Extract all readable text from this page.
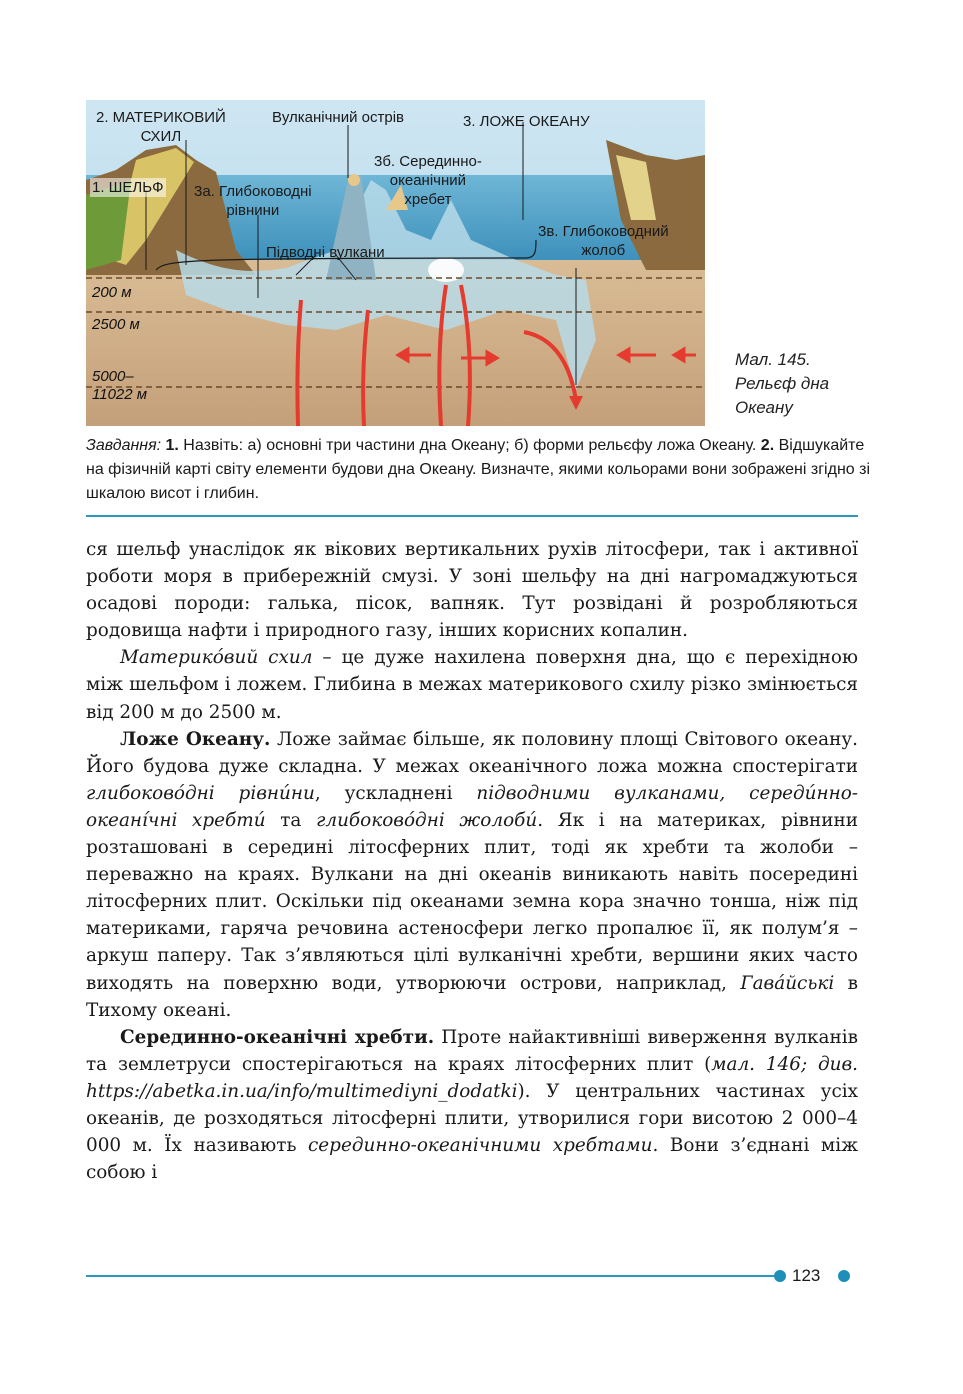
2. МАТЕРИКОВИЙ
СХИЛ
Вулканічний острів	3. ЛОЖЕ ОКЕАНУ
3б. Серединно-
океанічний
хребет
1. ШЕЛЬФ 3а. Глибоководні
рівнини
3в. Глибоководний
жолоб
Підводні вулкани
200 м
2500 м
5000–
11022 м
Мал. 145.
Рельєф дна
Океану
Завдання: 1. Назвіть: а) основні три частини дна Океану; б) форми рельєфу ложа Океану. 2. Відшукайте на фізичній карті світу елементи будови дна Океану. Визначте, якими кольорами вони зображені згідно зі шкалою висот і глибин.

ся шельф унаслідок як вікових вертикальних рухів літосфери, так і активної роботи моря в прибережній смузі. У зоні шельфу на дні нагромаджуються осадові породи: галька, пісок, вапняк. Тут розвідані й розробляються родовища нафти і природного газу, інших корисних копалин.

Материко́вий схил – це дуже нахилена поверхня дна, що є перехідною між шельфом і ложем. Глибина в межах материкового схилу різко змінюється від 200 м до 2500 м.

Ложе Океану. Ложе займає більше, як половину площі Світового океану. Його будова дуже складна. У межах океанічного ложа можна спостерігати глибоково́дні рівни́ни, ускладнені підводними вулканами, середи́нно-океані́чні хребти́ та глибоково́дні жолоби́. Як і на материках, рівнини розташовані в середині літосферних плит, тоді як хребти та жолоби – переважно на краях. Вулкани на дні океанів виникають навіть посередині літосферних плит. Оскільки під океанами земна кора значно тонша, ніж під материками, гаряча речовина астеносфери легко пропалює її, як полум’я – аркуш паперу. Так з’являються цілі вулканічні хребти, вершини яких часто виходять на поверхню води, утворюючи острови, наприклад, Гава́йські в Тихому океані.

Серединно-океанічні хребти. Проте найактивніші виверження вулканів та землетруси спостерігаються на краях літосферних плит (мал. 146; див. https://abetka.in.ua/info/multimediyni_dodatki). У центральних частинах усіх океанів, де розходяться літосферні плити, утворилися гори висотою 2 000–4 000 м. Їх називають серединно-океанічними хребтами. Вони з’єднані між собою і

123
